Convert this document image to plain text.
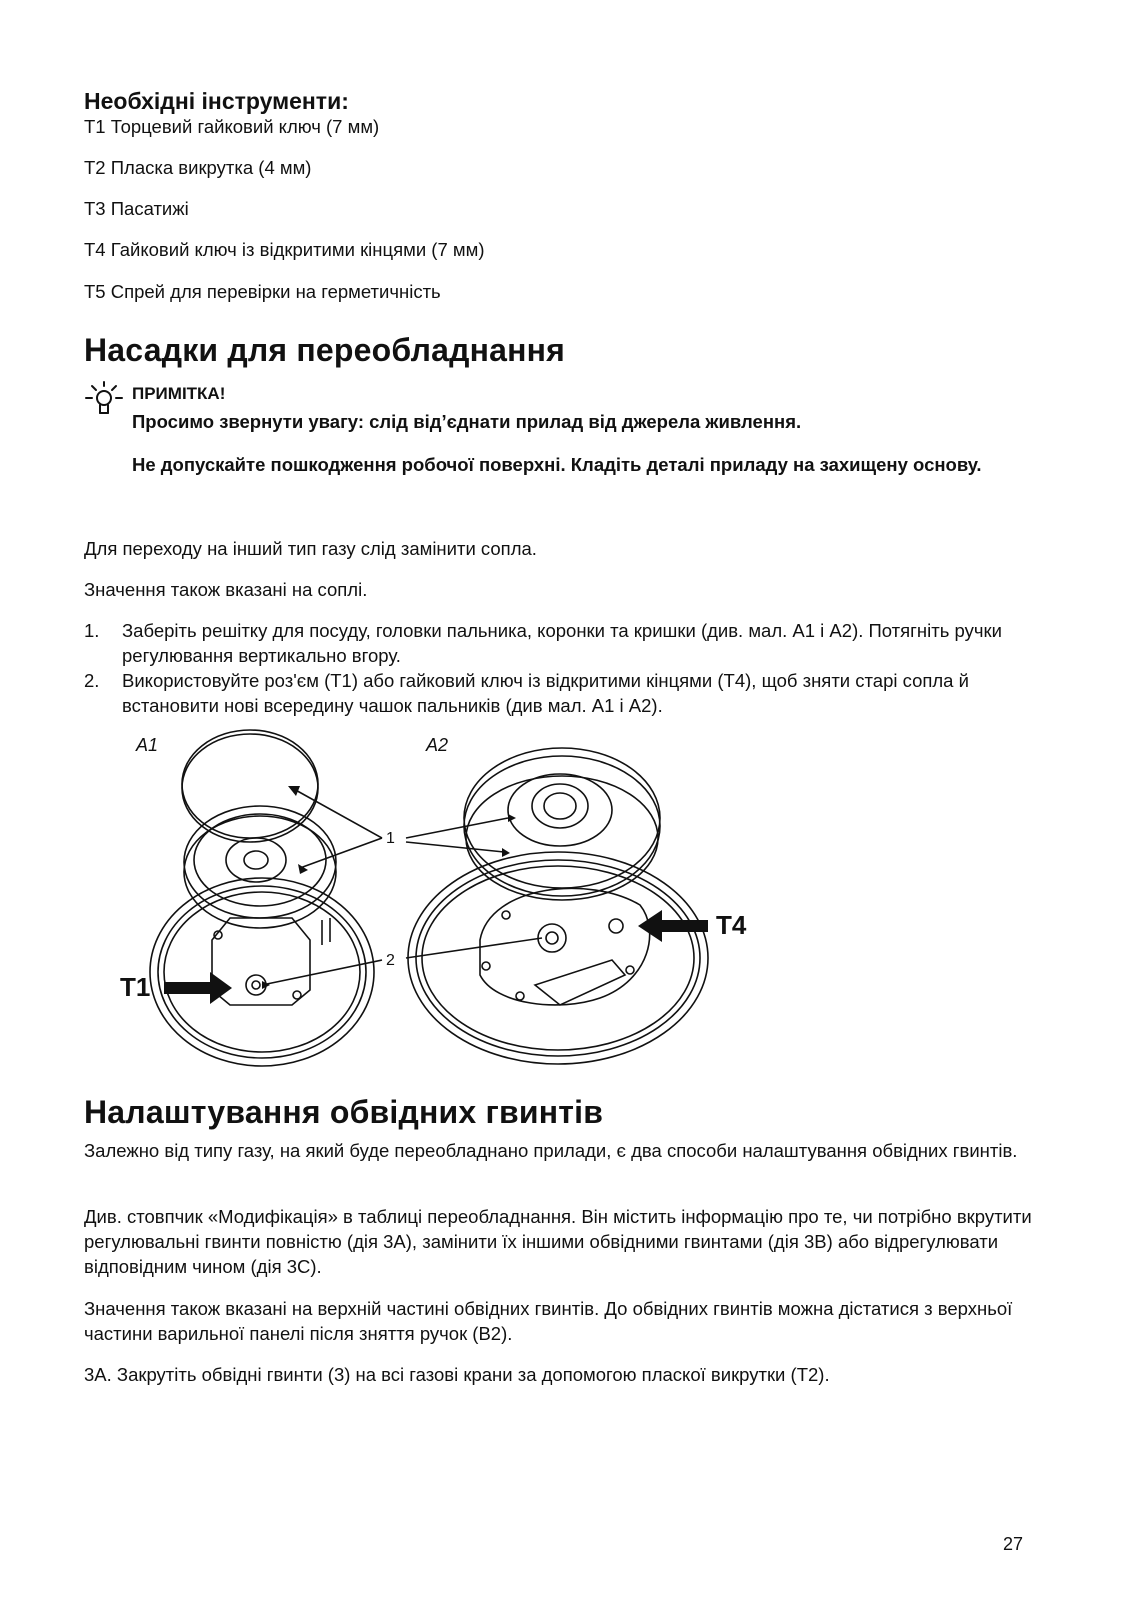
Необхідні інструменти:

T1 Торцевий гайковий ключ (7 мм)

T2 Пласка викрутка (4 мм)

T3 Пасатижі

T4 Гайковий ключ із відкритими кінцями (7 мм)

T5 Спрей для перевірки на герметичність

Насадки для переобладнання
ПРИМІТКА!
Просимо звернути увагу: слід від’єднати прилад від джерела живлення.
Не допускайте пошкодження робочої поверхні. Кладіть деталі приладу на захищену основу.

Для переходу на інший тип газу слід замінити сопла.

Значення також вказані на соплі.

1. Заберіть решітку для посуду, головки пальника, коронки та кришки (див. мал. A1 і A2). Потягніть ручки регулювання вертикально вгору.
2. Використовуйте роз'єм (T1) або гайковий ключ із відкритими кінцями (T4), щоб зняти старі сопла й встановити нові всередину чашок пальників (див мал. A1 і A2).
A1	A2
1
2
T1
T4
Налаштування обвідних гвинтів

Залежно від типу газу, на який буде переобладнано прилади, є два способи налаштування обвідних гвинтів.

Див. стовпчик «Модифікація» в таблиці переобладнання. Він містить інформацію про те, чи потрібно вкрутити регулювальні гвинти повністю (дія 3A), замінити їх іншими обвідними гвинтами (дія 3B) або відрегулювати відповідним чином (дія 3C).

Значення також вказані на верхній частині обвідних гвинтів. До обвідних гвинтів можна дістатися з верхньої частини варильної панелі після зняття ручок (B2).

3A. Закрутіть обвідні гвинти (3) на всі газові крани за допомогою пласкої викрутки (T2).

27
